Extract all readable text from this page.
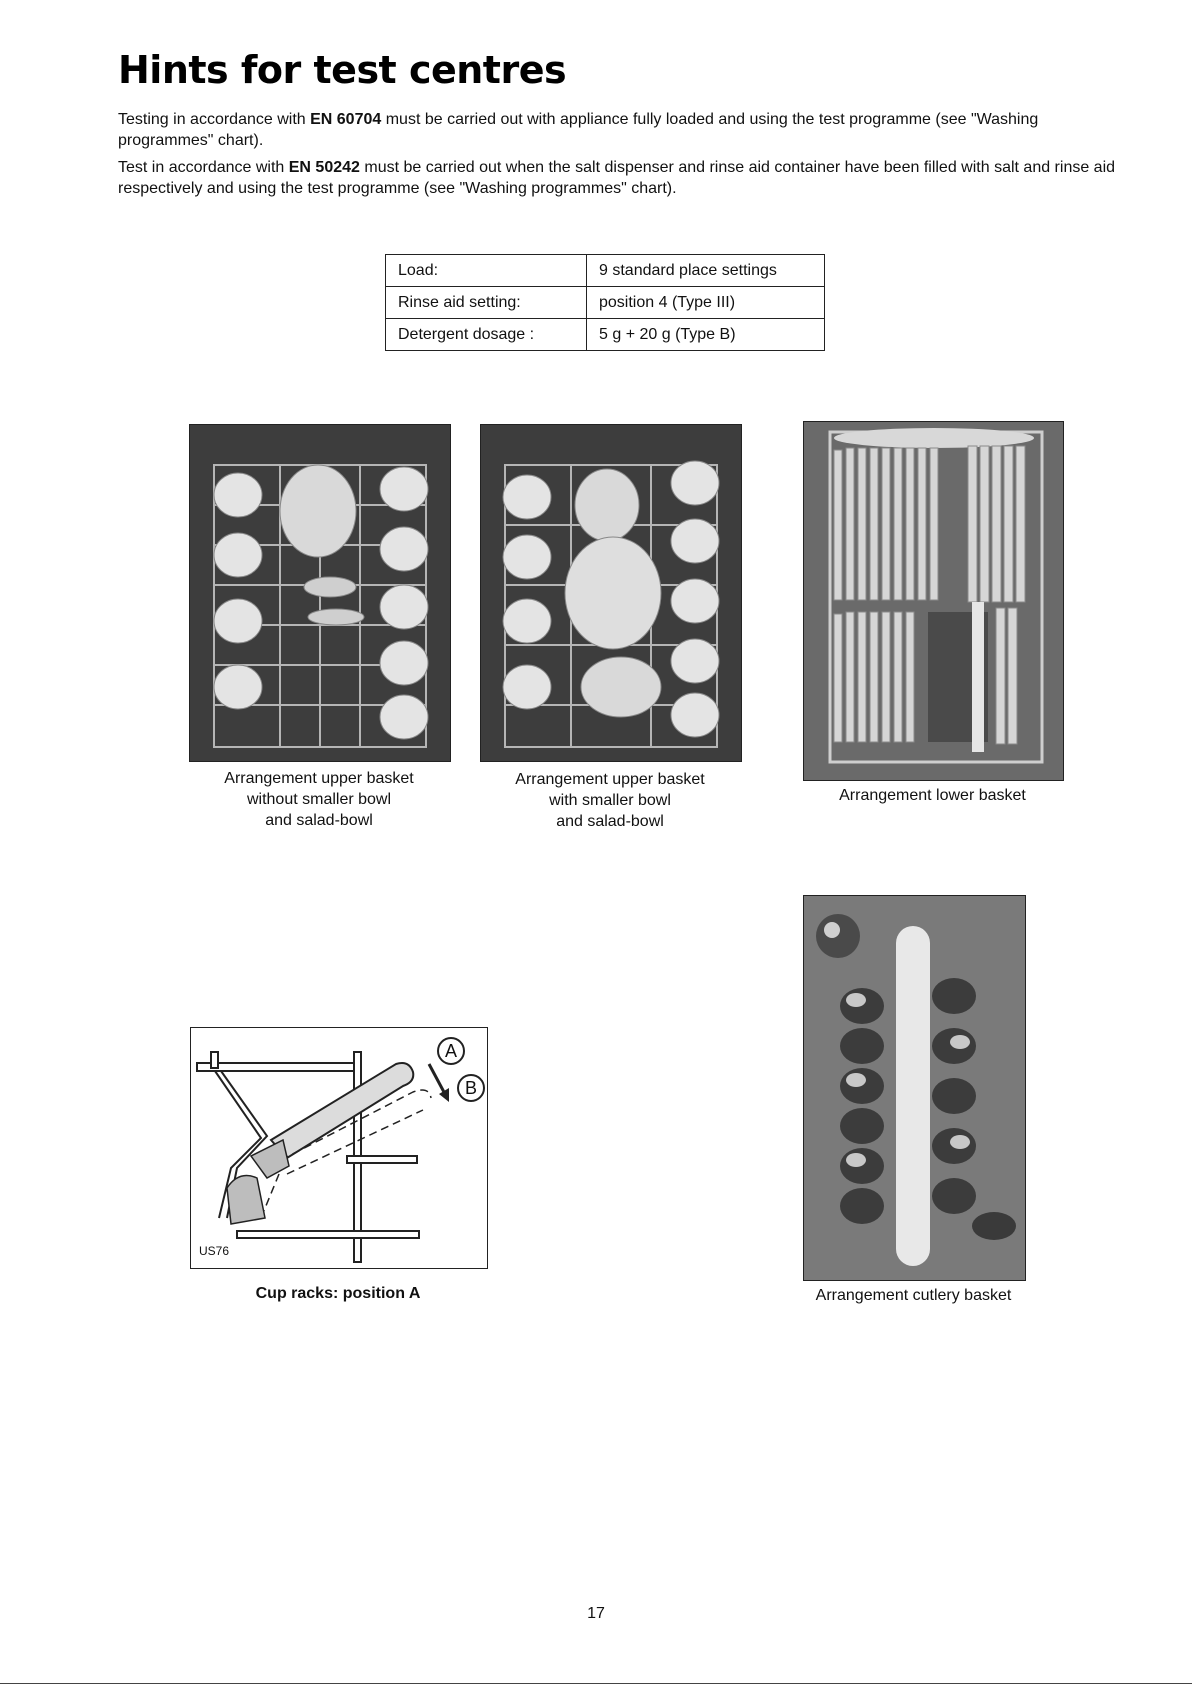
Hints for test centres

Testing in accordance with EN 60704 must be carried out with appliance fully loaded and using the test programme (see "Washing programmes" chart).

Test in accordance with EN 50242 must be carried out when the salt dispenser and rinse aid container have been filled with salt and rinse aid respectively and using the test programme (see "Washing programmes" chart).

Load:	9 standard place settings
Rinse aid setting:	position 4 (Type III)
Detergent dosage :	5 g + 20 g (Type B)
Arrangement upper basket
without smaller bowl
and salad-bowl
Arrangement upper basket
with smaller bowl
and salad-bowl
Arrangement lower basket
A
B
US76
Cup racks: position A	Arrangement cutlery basket
17
